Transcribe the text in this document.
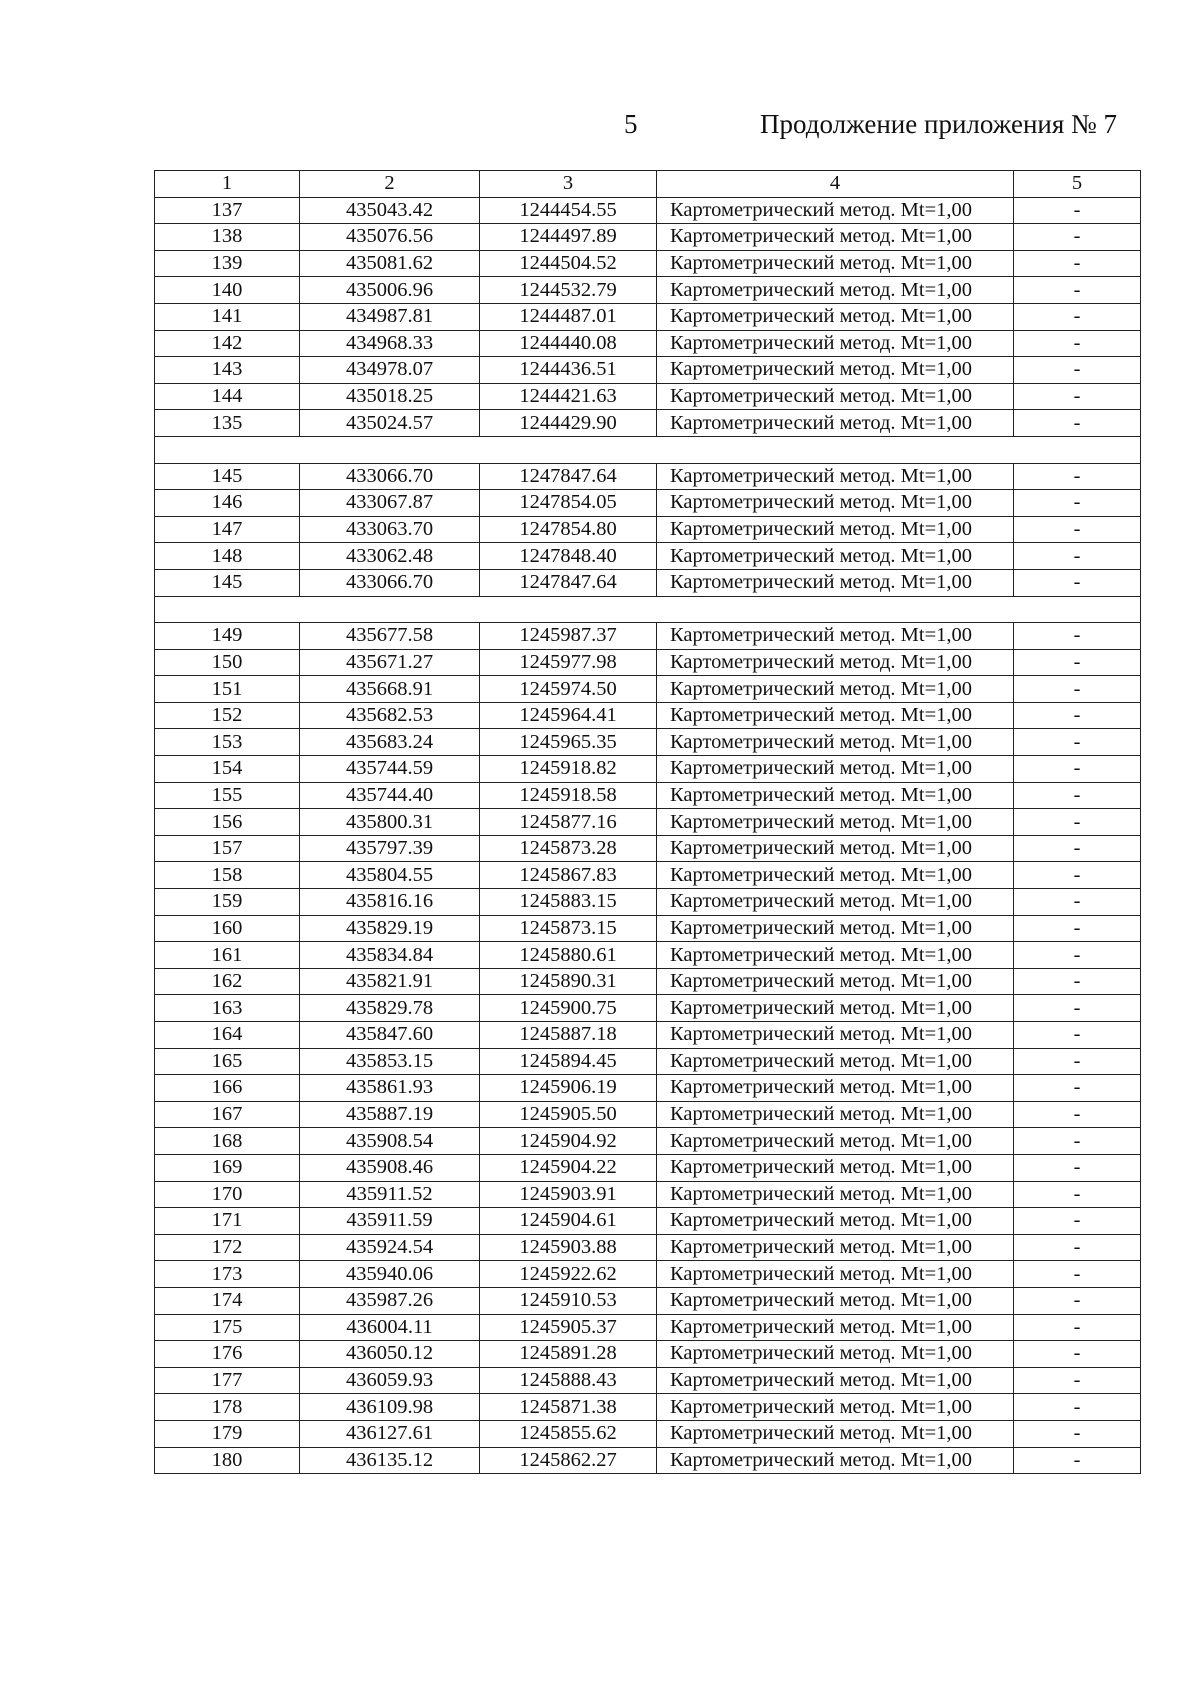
5	Продолжение приложения № 7
1	2	3	4	5
137	435043.42	1244454.55	Картометрический метод. Mt=1,00	-
138	435076.56	1244497.89	Картометрический метод. Mt=1,00	-
139	435081.62	1244504.52	Картометрический метод. Mt=1,00	-
140	435006.96	1244532.79	Картометрический метод. Mt=1,00	-
141	434987.81	1244487.01	Картометрический метод. Mt=1,00	-
142	434968.33	1244440.08	Картометрический метод. Mt=1,00	-
143	434978.07	1244436.51	Картометрический метод. Mt=1,00	-
144	435018.25	1244421.63	Картометрический метод. Mt=1,00	-
135	435024.57	1244429.90	Картометрический метод. Mt=1,00	-

145	433066.70	1247847.64	Картометрический метод. Mt=1,00	-
146	433067.87	1247854.05	Картометрический метод. Mt=1,00	-
147	433063.70	1247854.80	Картометрический метод. Mt=1,00	-
148	433062.48	1247848.40	Картометрический метод. Mt=1,00	-
145	433066.70	1247847.64	Картометрический метод. Mt=1,00	-

149	435677.58	1245987.37	Картометрический метод. Mt=1,00	-
150	435671.27	1245977.98	Картометрический метод. Mt=1,00	-
151	435668.91	1245974.50	Картометрический метод. Mt=1,00	-
152	435682.53	1245964.41	Картометрический метод. Mt=1,00	-
153	435683.24	1245965.35	Картометрический метод. Mt=1,00	-
154	435744.59	1245918.82	Картометрический метод. Mt=1,00	-
155	435744.40	1245918.58	Картометрический метод. Mt=1,00	-
156	435800.31	1245877.16	Картометрический метод. Mt=1,00	-
157	435797.39	1245873.28	Картометрический метод. Mt=1,00	-
158	435804.55	1245867.83	Картометрический метод. Mt=1,00	-
159	435816.16	1245883.15	Картометрический метод. Mt=1,00	-
160	435829.19	1245873.15	Картометрический метод. Mt=1,00	-
161	435834.84	1245880.61	Картометрический метод. Mt=1,00	-
162	435821.91	1245890.31	Картометрический метод. Mt=1,00	-
163	435829.78	1245900.75	Картометрический метод. Mt=1,00	-
164	435847.60	1245887.18	Картометрический метод. Mt=1,00	-
165	435853.15	1245894.45	Картометрический метод. Mt=1,00	-
166	435861.93	1245906.19	Картометрический метод. Mt=1,00	-
167	435887.19	1245905.50	Картометрический метод. Mt=1,00	-
168	435908.54	1245904.92	Картометрический метод. Mt=1,00	-
169	435908.46	1245904.22	Картометрический метод. Mt=1,00	-
170	435911.52	1245903.91	Картометрический метод. Mt=1,00	-
171	435911.59	1245904.61	Картометрический метод. Mt=1,00	-
172	435924.54	1245903.88	Картометрический метод. Mt=1,00	-
173	435940.06	1245922.62	Картометрический метод. Mt=1,00	-
174	435987.26	1245910.53	Картометрический метод. Mt=1,00	-
175	436004.11	1245905.37	Картометрический метод. Mt=1,00	-
176	436050.12	1245891.28	Картометрический метод. Mt=1,00	-
177	436059.93	1245888.43	Картометрический метод. Mt=1,00	-
178	436109.98	1245871.38	Картометрический метод. Mt=1,00	-
179	436127.61	1245855.62	Картометрический метод. Mt=1,00	-
180	436135.12	1245862.27	Картометрический метод. Mt=1,00	-
